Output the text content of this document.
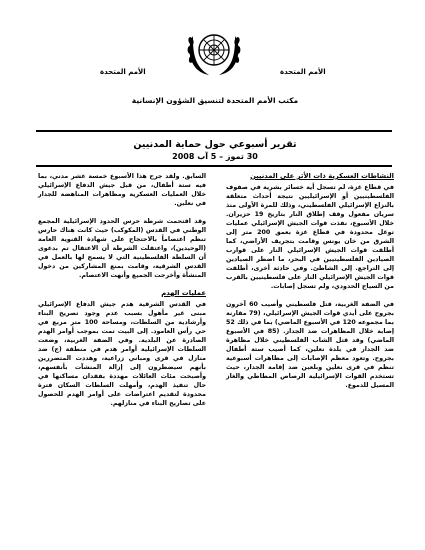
الأمم المتحدة
الأمم المتحدة
مكتب الأمم المتحدة لتنسيق الشؤون الإنسانية
تقرير أسبوعي حول حماية المدنيين
30 تموز – 5 آب 2008
النشاطات العسكرية ذات الأثر على المدنيين

في قطاع غزة، لم تسجل أية خسائر بشرية في صفوف الفلسطينيين أو الإسرائيليين نتيجة أحداث متعلقة بالنزاع الإسرائيلي الفلسطيني، وذلك للمرة الأولى منذ سريان مفعول وقف إطلاق النار بتاريخ 19 حزيران. خلال الأسبوع، نفذت قوات الجيش الإسرائيلي عمليات توغل محدودة في قطاع غزة بعمق 200 متر إلى الشرق من خان يونس وقامت بتجريف الأراضي، كما أطلقت قوات الجيش الإسرائيلي النار على قوارب الصيادين الفلسطينيين في البحر، ما اضطر الصيادين إلى التراجع. إلى الشاطئ. وفي حادثة أخرى، أطلقت قوات الجيش الإسرائيلي النار على فلسطينيين بالقرب من السياج الحدودي، ولم تسجل إصابات.

في الضفة الغربية، قتل فلسطيني وأصيب 60 آخرون بجروح على أيدي قوات الجيش الإسرائيلي، (79 مقارنة بما مجموعه 120 في الأسبوع الماضي) بما في ذلك 52 إصابة خلال المظاهرات ضد الجدار. (85 في الأسبوع الماضي) وقد قتل الشاب الفلسطيني خلال مظاهرة ضد الجدار في بلدة نعلين، كما أصيب ستة أطفال بجروح. وتعود معظم الإصابات إلى مظاهرات أسبوعية تنظم في قرى نعلين وبلعين ضد إقامة الجدار، حيث تستخدم القوات الإسرائيلية الرصاص المطاطي والغاز المسيل للدموع.

السابق. ولقد جرح هذا الأسبوع خمسة عشر مدني، بما فيه ستة أطفال، من قبل جيش الدفاع الإسرائيلي خلال العمليات العسكرية ومظاهرات المناهضة للجدار في نعلين.

وقد اقتحمت شرطة حرس الحدود الإسرائيلية المجمع الوطني في القدس (المكوكب) حيث كانت هناك حارس تنظم اعتصاماً بالاحتجاج على شهادة القنوية العامة (الوحيدين)، واعتقلت الشرطة أن الاعتقال تم بدعوى أن السلطة الفلسطينية التي لا يسمح لها بالعمل في القدس الشرقية، وقامت بمنع المشاركين من دخول المنشأة وأخرجت الجميع وأنهت الاعتصام.

عمليات الهدم

في القدس الشرقية هدم جيش الدفاع الإسرائيلي مبنى غير مأهول بسبب عدم وجود تصريح البناء وأرشادية من السلطات، ومساحة 100 متر مربع في حي رأس العامود. إلى البيت تمت بموجب أوامر الهدم الصادرة عن البلدية. وفي الضفة الغربية، وضعت السلطات الإسرائيلية أوامر هدم في منطقة (ج) ضد منازل في قرى ومباني زراعية، وهددت المتضررين بأنهم سيضطرون إلى إزالة المنشآت بأنفسهم، وأصبحت مئات العائلات مهددة بفقدان مساكنها في حال تنفيذ الهدم، وأمهلت السلطات السكان فترة محدودة لتقديم اعتراضات على أوامر الهدم للحصول على تصاريح البناء في منازلهم.
